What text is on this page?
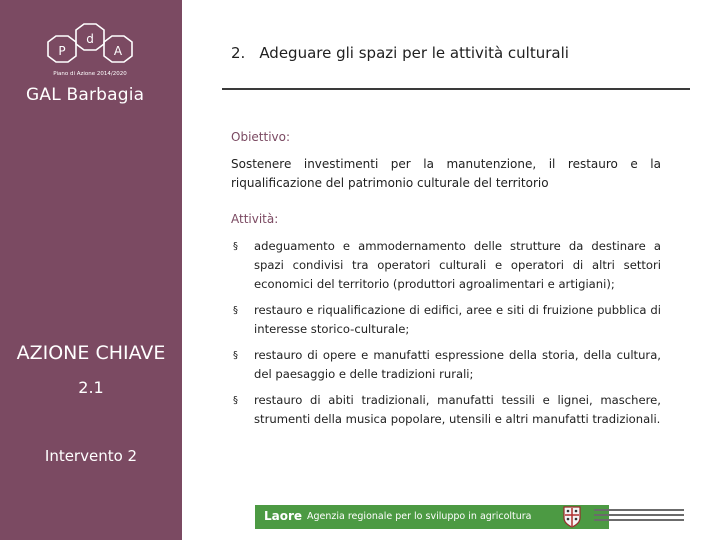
P
d
A
Piano di Azione 2014/2020
GAL Barbagia
AZIONE CHIAVE
2.1
Intervento 2
2. Adeguare gli spazi per le attività culturali
Obiettivo:
Sostenere investimenti per la manutenzione, il restauro e la riqualificazione del patrimonio culturale del territorio
Attività:
§ adeguamento e ammodernamento delle strutture da destinare a spazi condivisi tra operatori culturali e operatori di altri settori economici del territorio (produttori agroalimentari e artigiani);
§ restauro e riqualificazione di edifici, aree e siti di fruizione pubblica di interesse storico-culturale;
§ restauro di opere e manufatti espressione della storia, della cultura, del paesaggio e delle tradizioni rurali;
§ restauro di abiti tradizionali, manufatti tessili e lignei, maschere, strumenti della musica popolare, utensili e altri manufatti tradizionali.
Laore Agenzia regionale per lo sviluppo in agricoltura
